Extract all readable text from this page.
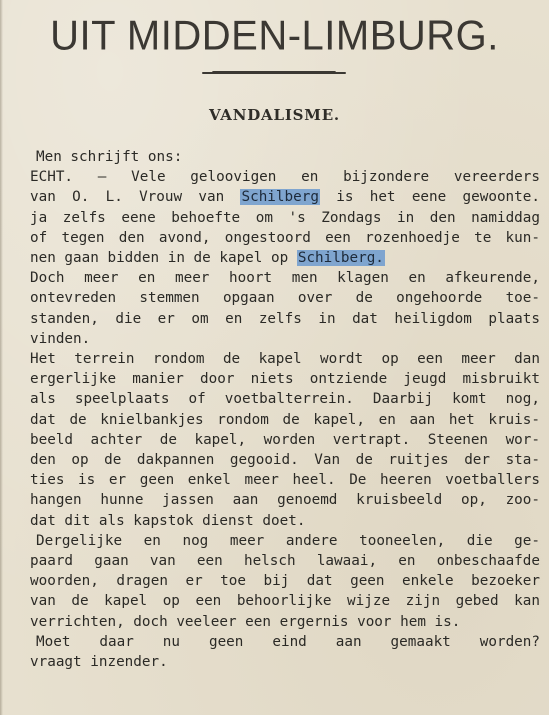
UIT MIDDEN-LIMBURG.
VANDALISME.
Men schrijft ons:
ECHT. — Vele geloovigen en bijzondere vereerders
van O. L. Vrouw van Schilberg is het eene gewoonte.
ja zelfs eene behoefte om 's Zondags in den namiddag
of tegen den avond, ongestoord een rozenhoedje te kun-
nen gaan bidden in de kapel op Schilberg.
Doch meer en meer hoort men klagen en afkeurende,
ontevreden stemmen opgaan over de ongehoorde toe-
standen, die er om en zelfs in dat heiligdom plaats
vinden.
Het terrein rondom de kapel wordt op een meer dan
ergerlijke manier door niets ontziende jeugd misbruikt
als speelplaats of voetbalterrein. Daarbij komt nog,
dat de knielbankjes rondom de kapel, en aan het kruis-
beeld achter de kapel, worden vertrapt. Steenen wor-
den op de dakpannen gegooid. Van de ruitjes der sta-
ties is er geen enkel meer heel. De heeren voetballers
hangen hunne jassen aan genoemd kruisbeeld op, zoo-
dat dit als kapstok dienst doet.
Dergelijke en nog meer andere tooneelen, die ge-
paard gaan van een helsch lawaai, en onbeschaafde
woorden, dragen er toe bij dat geen enkele bezoeker
van de kapel op een behoorlijke wijze zijn gebed kan
verrichten, doch veeleer een ergernis voor hem is.
Moet daar nu geen eind aan gemaakt worden?
vraagt inzender.
